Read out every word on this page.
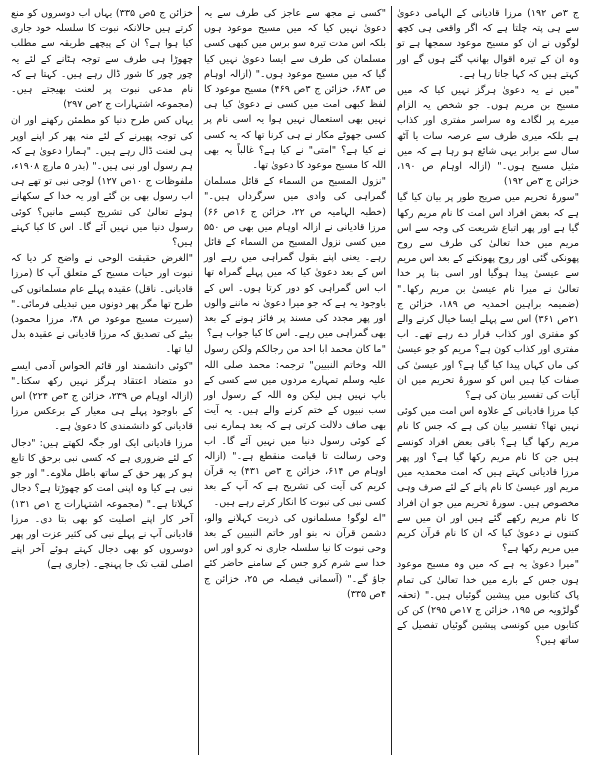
ج ۳ص ۱۹۲) مرزا قادیانی کے الہامی دعویٰ سے ہی پتہ چلتا ہے کہ اگر واقعی ہی کچھ لوگوں نے ان کو مسیح موعود سمجھا ہے تو وہ ان کے تیرہ اقوال بھانپ گئے ہوں گے اور کہتے ہیں کہ کہا جاتا رہا ہے۔

"میں نے یہ دعویٰ ہرگز نہیں کیا کہ میں مسیح بن مریم ہوں۔ جو شخص یہ الزام میرے پر لگادے وہ سراسر مفتری اور کذاب ہے بلکہ میری طرف سے عرصہ سات یا آٹھ سال سے برابر یہی شائع ہو رہا ہے کہ میں مثیل مسیح ہوں۔" (ازالہ اوہام ص ۱۹۰، خزائن ج ۳ص ۱۹۲)

"سورۂ تحریم میں صریح طور پر بیان کیا گیا ہے کہ بعض افراد اس امت کا نام مریم رکھا گیا ہے اور پھر اتباع شریعت کی وجہ سے اس مریم میں خدا تعالیٰ کی طرف سے روح پھونکی گئی اور روح پھونکنے کے بعد اس مریم سے عیسیٰ پیدا ہوگیا اور اسی بنا پر خدا تعالیٰ نے میرا نام عیسیٰ بن مریم رکھا۔" (ضمیمہ براہین احمدیہ ص ۱۸۹، خزائن ج ۲۱ص ۳۶۱) اس سے پہلے ایسا خیال کرنے والے کو مفتری اور کذاب قرار دے رہے تھے۔ اب مفتری اور کذاب کون ہے؟ مریم کو جو عیسیٰ کی ماں کہاں پیدا کیا گیا ہے؟ اور عیسیٰ کی صفات کیا ہیں اس کو سورۂ تحریم میں ان آیات کی تفسیر بیان کی ہے؟

کیا مرزا قادیانی کے علاوہ اس امت میں کوئی نہیں تھا؟ تفسیر بیان کی ہے کہ جس کا نام مریم رکھا گیا ہے؟ باقی بعض افراد کونسے ہیں جن کا نام مریم رکھا گیا ہے؟ اور پھر مرزا قادیانی کہتے ہیں کہ امت محمدیہ میں مریم اور عیسیٰ کا نام پانے کے لئے صرف وہی مخصوص ہیں۔ سورۂ تحریم میں جو ان افراد کا نام مریم رکھے گئے ہیں اور ان میں سے کتنوں نے دعویٰ کیا کہ ان کا نام قرآن کریم میں مریم رکھا ہے؟

"میرا دعویٰ یہ ہے کہ میں وہ مسیح موعود ہوں جس کے بارے میں خدا تعالیٰ کی تمام پاک کتابوں میں پیشین گوئیاں ہیں۔" (تحفہ گولڑویہ ص ۱۹۵، خزائن ج ۱۷ص ۲۹۵) کن کن کتابوں میں کونسی پیشین گوئیاں تفصیل کے ساتھ ہیں؟

"کسی نے مجھ سے عاجز کی طرف سے یہ دعویٰ نہیں کیا کہ میں مسیح موعود ہوں بلکہ اس مدت تیرہ سو برس میں کبھی کسی مسلمان کی طرف سے ایسا دعویٰ نہیں کیا گیا کہ میں مسیح موعود ہوں۔" (ازالہ اوہام ص ۶۸۳، خزائن ج ۳ص ۴۶۹) مسیح موعود کا لفظ کبھی امت میں کسی نے دعویٰ کیا ہی نہیں بھی استعمال نہیں ہوا یہ اسی نام پر کسی جھوٹے مکار نے ہی کرنا تھا کہ یہ کسی نے کیا ہے؟ "امتی" نے کیا ہے؟ غالباً یہ بھی اللہ کا مسیح موعود کا دعویٰ تھا۔

"نزول المسیح من السماء کے قائل مسلمان گمراہی کی وادی میں سرگرداں ہیں۔" (خطبہ الہامیہ ص ۲۲، خزائن ج ۱۶ص ۶۶) مرزا قادیانی نے ازالہ اوہام میں بھی ص ۵۵۰ میں کسی نزول المسیح من السماء کے قائل رہے۔ یعنی اپنے بقول گمراہی میں رہے اور اس کے بعد دعویٰ کیا کہ میں پہلے گمراہ تھا اب اس گمراہی کو دور کرتا ہوں۔ اس کے باوجود یہ ہے کہ جو میرا دعویٰ نہ ماننے والوں اور پھر مجدد کی مسند پر فائز ہونے کے بعد بھی گمراہی میں رہے۔ اس کا کیا جواب ہے؟

"ما کان محمد ابا احد من رجالکم ولکن رسول اللہ وخاتم النبیین" ترجمہ: محمد صلی اللہ علیہ وسلم تمہارے مردوں میں سے کسی کے باپ نہیں ہیں لیکن وہ اللہ کے رسول اور سب نبیوں کے ختم کرنے والے ہیں۔ یہ آیت بھی صاف دلالت کرتی ہے کہ بعد ہمارے نبی کے کوئی رسول دنیا میں نہیں آئے گا۔ اب وحی رسالت تا قیامت منقطع ہے۔" (ازالہ اوہام ص ۶۱۴، خزائن ج ۳ص ۴۳۱) یہ قرآن کریم کی آیت کی تشریح ہے کہ آپ کے بعد کسی نبی کی نبوت کا انکار کرتے رہے ہیں۔

"اے لوگو! مسلمانوں کی ذریت کہلانے والو، دشمن قرآن نہ بنو اور خاتم النبیین کے بعد وحی نبوت کا نیا سلسلہ جاری نہ کرو اور اس خدا سے شرم کرو جس کے سامنے حاضر کئے جاؤ گے۔" (آسمانی فیصلہ ص ۲۵، خزائن ج ۴ص ۳۳۵)

خزائن ج ۵ص ۳۳۵) یہاں اب دوسروں کو منع کرتے ہیں حالانکہ نبوت کا سلسلہ خود جاری کیا ہوا ہے؟ ان کے پیچھے طریقہ سے مطلب چھوڑا ہی طرف سے توجہ ہٹانے کے لئے یہ چور چور کا شور ڈال رہے ہیں۔ کہتا ہے کہ نام مدعی نبوت پر لعنت بھیجتے ہیں۔ (مجموعہ اشتہارات ج ۲ص ۲۹۷)

یہاں کس طرح دنیا کو مطمئن رکھنے اور ان کی توجہ پھیرنے کے لئے منہ پھر کر اپنے اوپر ہی لعنت ڈال رہے ہیں۔ "ہمارا دعویٰ ہے کہ ہم رسول اور نبی ہیں۔" (بدر ۵ مارچ ۱۹۰۸ء، ملفوظات ج ۱۰ص ۱۲۷) لوجی نبی تو تھے ہی اب رسول بھی بن گئے اور یہ خدا کے سکھانے ہوئے تعالیٰ کی تشریح کیسے مانیں؟ کوئی رسول دنیا میں نہیں آئے گا۔ اس کا کیا کہتے ہیں؟

"الغرض حقیقت الوحی نے واضح کر دیا کہ نبوت اور حیات مسیح کے متعلق آپ کا (مرزا قادیانی۔ ناقل) عقیدہ پہلے عام مسلمانوں کی طرح تھا مگر پھر دونوں میں تبدیلی فرمائی۔" (سیرت مسیح موعود ص ۳۸، مرزا محمود) بیٹے کی تصدیق کہ مرزا قادیانی نے عقیدہ بدل لیا تھا۔

"کوئی دانشمند اور قائم الحواس آدمی ایسے دو متضاد اعتقاد ہرگز نہیں رکھ سکتا۔" (ازالہ اوہام ص ۲۳۹، خزائن ج ۳ص ۲۲۴) اس کے باوجود پہلے ہی معیار کے برعکس مرزا قادیانی کو دانشمندی کا دعویٰ ہے۔

مرزا قادیانی ایک اور جگہ لکھتے ہیں: "دجال کے لئے ضروری ہے کہ کسی نبی برحق کا تابع ہو کر پھر حق کے ساتھ باطل ملاوے۔" اور جو نبی ہے کیا وہ اپنی امت کو چھوڑتا ہے؟ دجال کہلاتا ہے۔" (مجموعہ اشتہارات ج ۱ص ۱۳۱) آخر کار اپنے اصلیت کو بھی بتا دی۔ مرزا قادیانی آپ نے پہلے نبی کی کثیر عزت اور پھر دوسروں کو بھی دجال کہتے ہوئے آخر اپنے اصلی لقب تک جا پہنچے۔ (جاری ہے)
